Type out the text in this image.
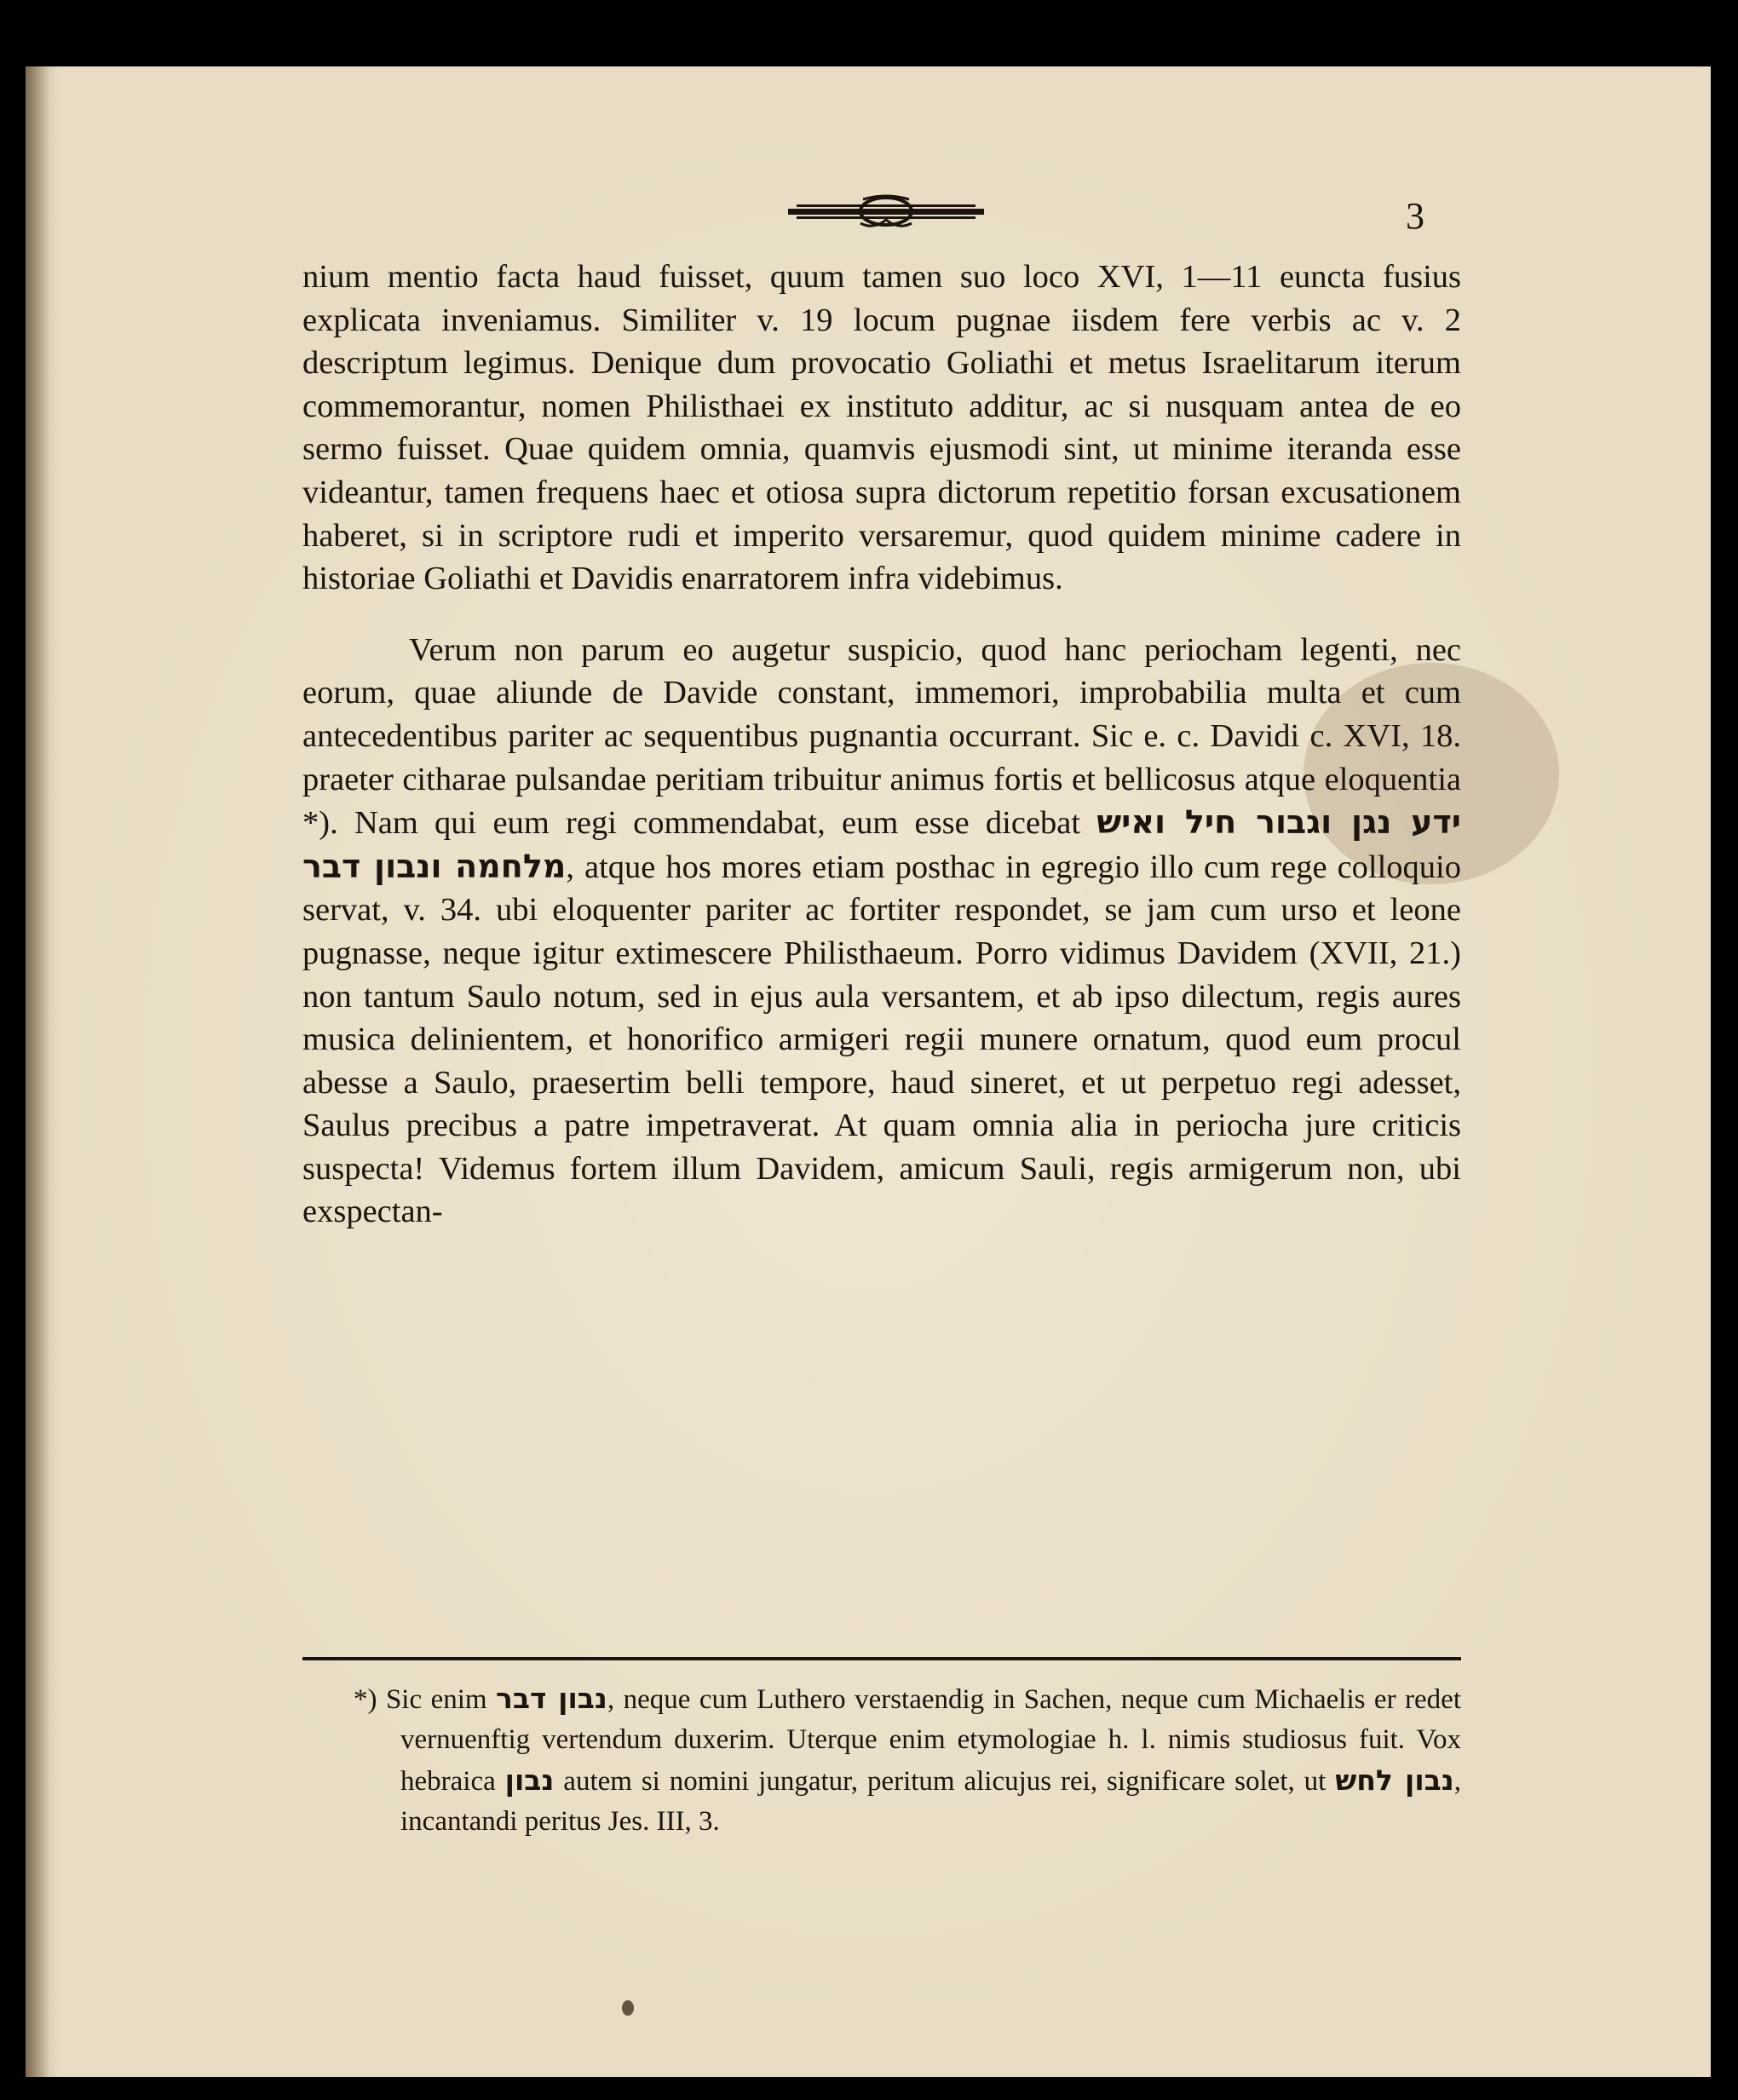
3

nium mentio facta haud fuisset, quum tamen suo loco XVI, 1—11 euncta fusius explicata inveniamus. Similiter v. 19 locum pugnae iisdem fere verbis ac v. 2 descriptum legimus. Denique dum provocatio Goliathi et metus Israelitarum iterum commemorantur, nomen Philisthaei ex instituto additur, ac si nusquam antea de eo sermo fuisset. Quae quidem omnia, quamvis ejusmodi sint, ut minime iteranda esse videantur, tamen frequens haec et otiosa supra dictorum repetitio forsan excusationem haberet, si in scriptore rudi et imperito versaremur, quod quidem minime cadere in historiae Goliathi et Davidis enarratorem infra videbimus.

Verum non parum eo augetur suspicio, quod hanc periocham legenti, nec eorum, quae aliunde de Davide constant, immemori, improbabilia multa et cum antecedentibus pariter ac sequentibus pugnantia occurrant. Sic e. c. Davidi c. XVI, 18. praeter citharae pulsandae peritiam tribuitur animus fortis et bellicosus atque eloquentia *). Nam qui eum regi commendabat, eum esse dicebat ידע נגן וגבור חיל ואיש מלחמה ונבון דבר, atque hos mores etiam posthac in egregio illo cum rege colloquio servat, v. 34. ubi eloquenter pariter ac fortiter respondet, se jam cum urso et leone pugnasse, neque igitur extimescere Philisthaeum. Porro vidimus Davidem (XVII, 21.) non tantum Saulo notum, sed in ejus aula versantem, et ab ipso dilectum, regis aures musica delinientem, et honorifico armigeri regii munere ornatum, quod eum procul abesse a Saulo, praesertim belli tempore, haud sineret, et ut perpetuo regi adesset, Saulus precibus a patre impetraverat. At quam omnia alia in periocha jure criticis suspecta! Videmus fortem illum Davidem, amicum Sauli, regis armigerum non, ubi exspectan-

*) Sic enim נבון דבר, neque cum Luthero verstaendig in Sachen, neque cum Michaelis er redet vernuenftig vertendum duxerim. Uterque enim etymologiae h. l. nimis studiosus fuit. Vox hebraica נבון autem si nomini jungatur, peritum alicujus rei, significare solet, ut נבון לחש, incantandi peritus Jes. III, 3.
